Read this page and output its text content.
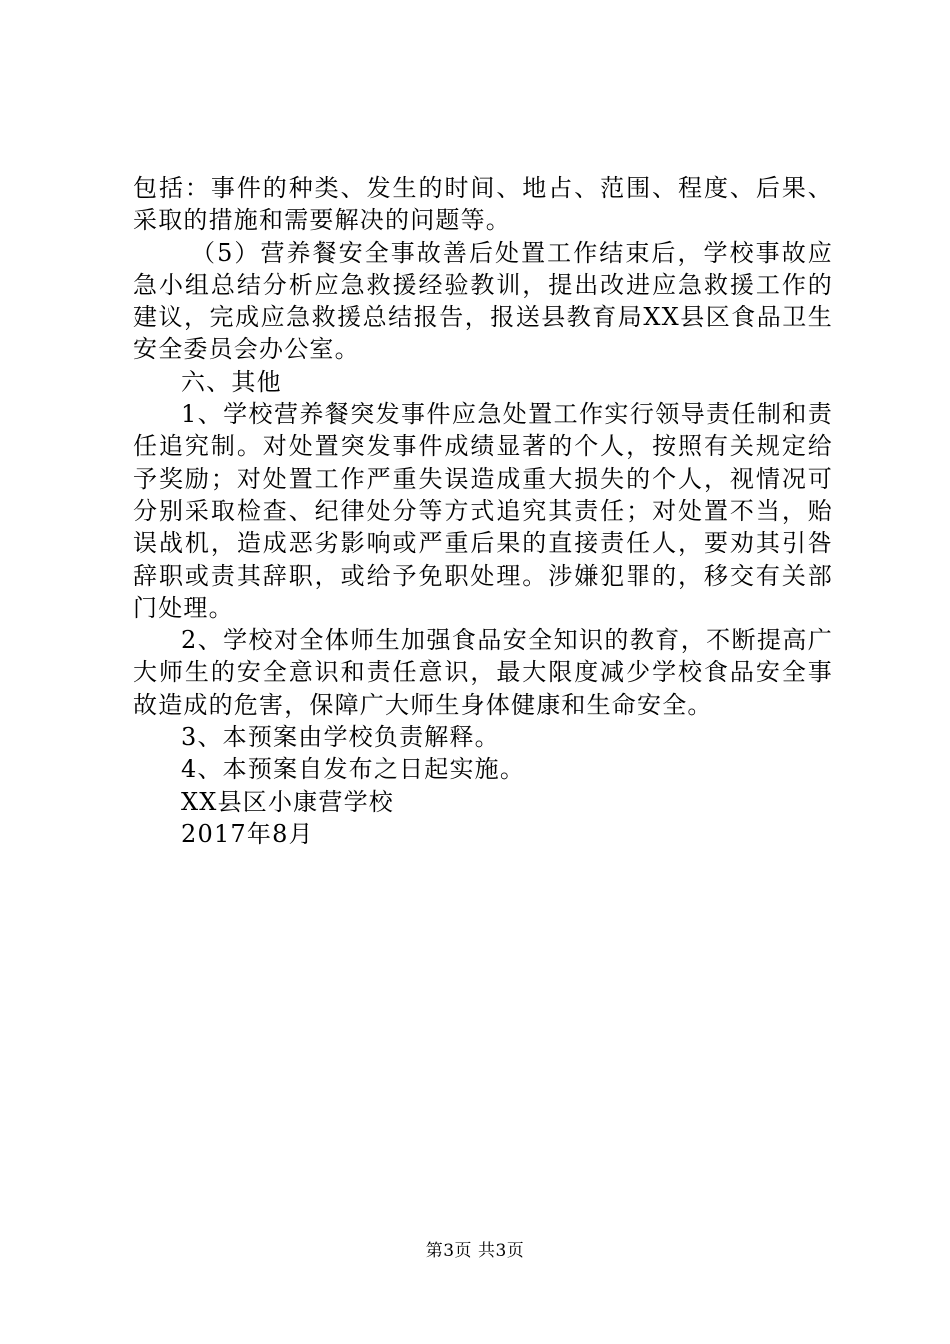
包括：事件的种类、发生的时间、地占、范围、程度、后果、采取的措施和需要解决的问题等。

（5）营养餐安全事故善后处置工作结束后，学校事故应急小组总结分析应急救援经验教训，提出改进应急救援工作的建议，完成应急救援总结报告，报送县教育局XX县区食品卫生安全委员会办公室。

六、其他

1、学校营养餐突发事件应急处置工作实行领导责任制和责任追究制。对处置突发事件成绩显著的个人，按照有关规定给予奖励；对处置工作严重失误造成重大损失的个人，视情况可分别采取检查、纪律处分等方式追究其责任；对处置不当，贻误战机，造成恶劣影响或严重后果的直接责任人，要劝其引咎辞职或责其辞职，或给予免职处理。涉嫌犯罪的，移交有关部门处理。

2、学校对全体师生加强食品安全知识的教育，不断提高广大师生的安全意识和责任意识，最大限度减少学校食品安全事故造成的危害，保障广大师生身体健康和生命安全。

3、本预案由学校负责解释。

4、本预案自发布之日起实施。

XX县区小康营学校

2017年8月

第3页 共3页
